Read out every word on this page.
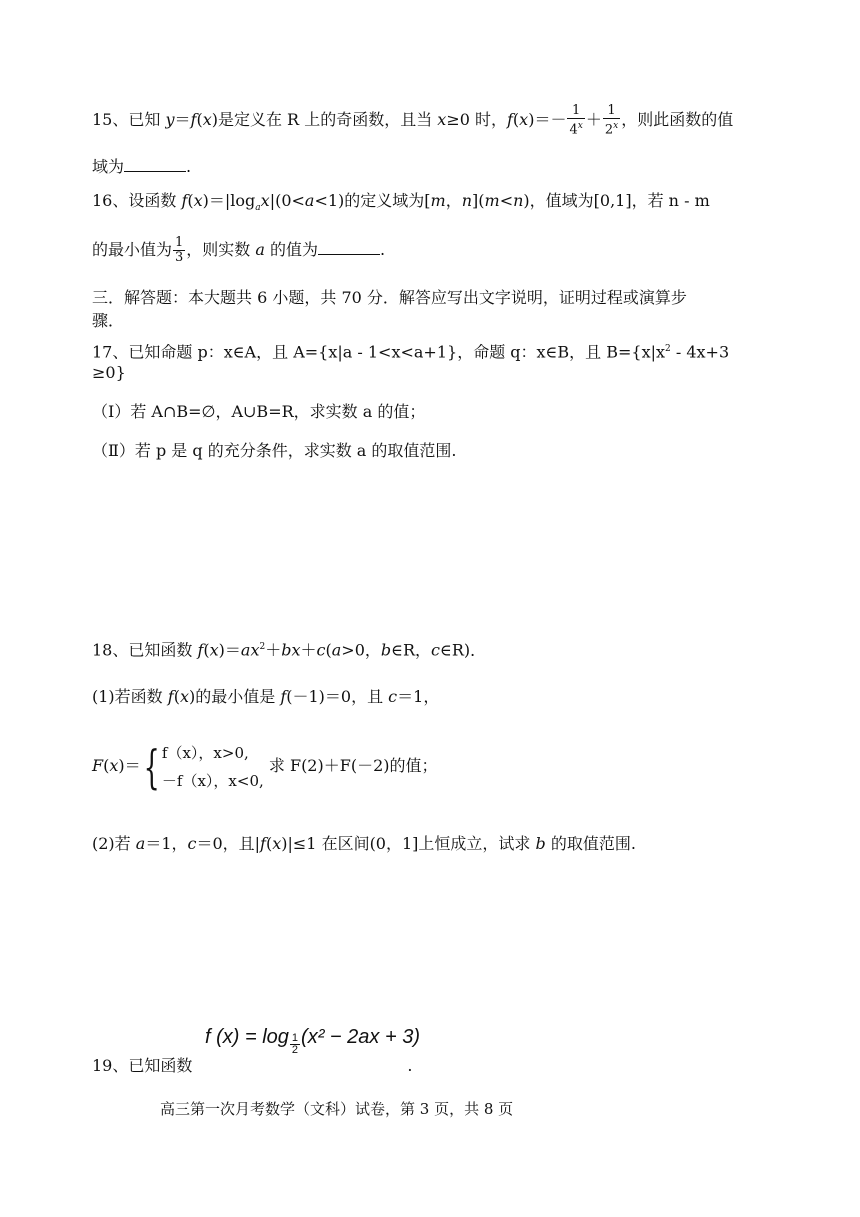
15、已知 y＝f(x)是定义在 R 上的奇函数，且当 x≥0 时，$f(x)=- \frac{1}{4^x} + \frac{1}{2^x}$ ，则此函数的值
域为	.
16、设函数 $f(x)=|\log_ax|(0<a<1)$的定义域为[m，n](m<n)，值域为[0,1]，若 n - m
的最小值为 $\frac{1}{3}$ ，则实数 a 的值为	.
三．解答题：本大题共 6 小题，共 70 分．解答应写出文字说明，证明过程或演算步
骤．
17、已知命题 p：x∈A，且 A={x|a - 1<x<a+1}，命题 q：x∈B，且 $B=\{x|x^2 - 4x+3$
≥0}
（Ⅰ）若 A∩B=∅，A∪B=R，求实数 a 的值；
（Ⅱ）若 p 是 q 的充分条件，求实数 a 的取值范围.
18、已知函数 $f(x)=ax^2+bx+c(a>0$，b∈R，c∈R)．
(1)若函数 f(x)的最小值是 f(－1)＝0，且 c＝1，
F(x)＝{ f（x），x>0,
－f（x），x<0,
求 F(2)＋F(－2)的值；
(2)若 a＝1，c＝0，且|f(x)|≤1 在区间(0，1]上恒成立，试求 b 的取值范围.
f $(x) = \log \frac{1}{2} (x^2 - 2ax + 3)$
19、已知函数	.
高三第一次月考数学（文科）试卷，第 3 页，共 8 页
